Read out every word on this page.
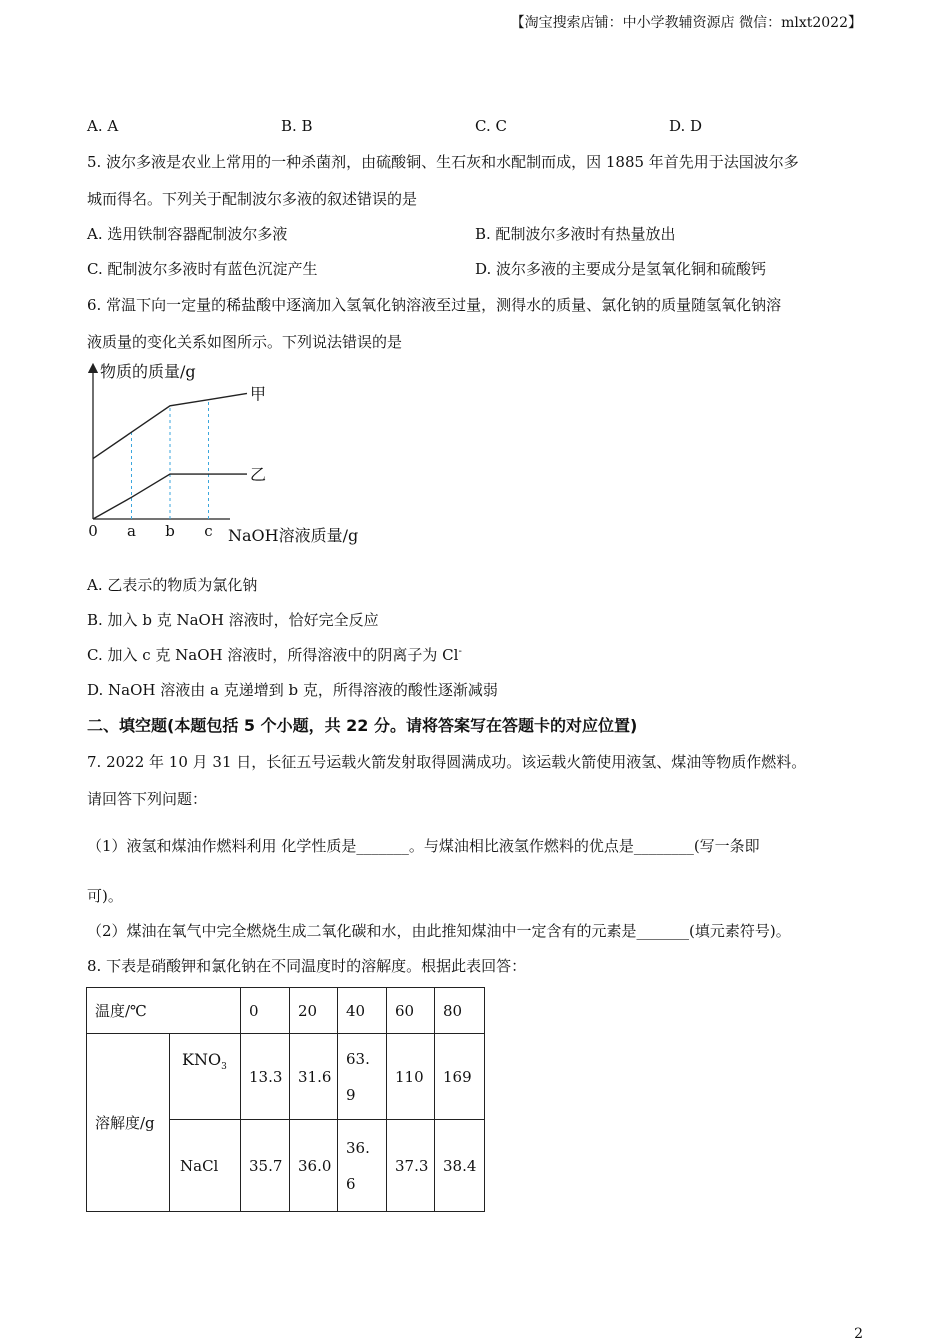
【淘宝搜索店铺：中小学教辅资源店 微信：mlxt2022】
A. A	B. B	C. C	D. D
5. 波尔多液是农业上常用的一种杀菌剂，由硫酸铜、生石灰和水配制而成，因 1885 年首先用于法国波尔多
城而得名。下列关于配制波尔多液的叙述错误的是
A. 选用铁制容器配制波尔多液	B. 配制波尔多液时有热量放出
C. 配制波尔多液时有蓝色沉淀产生	D. 波尔多液的主要成分是氢氧化铜和硫酸钙
6. 常温下向一定量的稀盐酸中逐滴加入氢氧化钠溶液至过量，测得水的质量、氯化钠的质量随氢氧化钠溶
液质量的变化关系如图所示。下列说法错误的是
物质的质量/g
NaOH溶液质量/g
甲
乙
0 a b c
A. 乙表示的物质为氯化钠
B. 加入 b 克 NaOH 溶液时，恰好完全反应
C. 加入 c 克 NaOH 溶液时，所得溶液中的阴离子为 Cl-
D. NaOH 溶液由 a 克递增到 b 克，所得溶液的酸性逐渐减弱
二、填空题(本题包括 5 个小题，共 22 分。请将答案写在答题卡的对应位置)
7. 2022 年 10 月 31 日，长征五号运载火箭发射取得圆满成功。该运载火箭使用液氢、煤油等物质作燃料。
请回答下列问题：
（1）液氢和煤油作燃料利用 化学性质是_______。与煤油相比液氢作燃料的优点是________(写一条即
可)。
（2）煤油在氧气中完全燃烧生成二氧化碳和水，由此推知煤油中一定含有的元素是_______(填元素符号)。
8. 下表是硝酸钾和氯化钠在不同温度时的溶解度。根据此表回答：
温度/℃		0	20	40	60	80
溶解度/g	$KNO_3$	13.3	31.6	63.9	110	169
	NaCl	35.7	36.0	36.6	37.3	38.4
2
